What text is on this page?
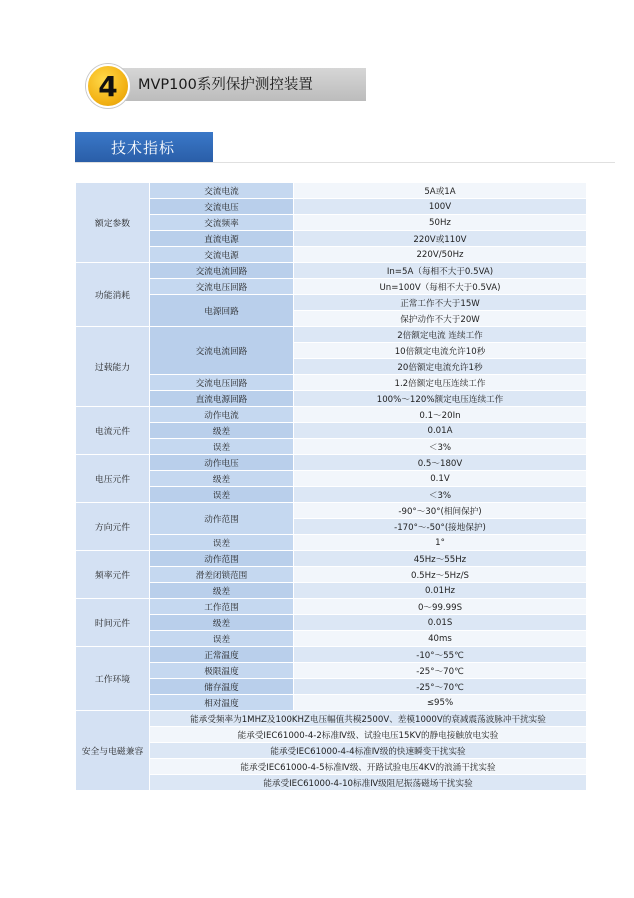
4	MVP100系列保护测控装置
技术指标
额定参数	交流电流	5A或1A
	交流电压	100V
	交流频率	50Hz
	直流电源	220V或110V
	交流电源	220V/50Hz
功能消耗	交流电流回路	In=5A（每相不大于0.5VA)
	交流电压回路	Un=100V（每相不大于0.5VA)
	电源回路	正常工作不大于15W
		保护动作不大于20W
过载能力	交流电流回路	2倍额定电流 连续工作
		10倍额定电流允许10秒
		20倍额定电流允许1秒
	交流电压回路	1.2倍额定电压连续工作
	直流电源回路	100%～120%额定电压连续工作
电流元件	动作电流	0.1～20In
	级差	0.01A
	误差	＜3%
电压元件	动作电压	0.5～180V
	级差	0.1V
	误差	＜3%
方向元件	动作范围	-90°～30°(相间保护)
		-170°～-50°(接地保护)
	误差	1°
频率元件	动作范围	45Hz～55Hz
	滑差闭锁范围	0.5Hz～5Hz/S
	级差	0.01Hz
时间元件	工作范围	0～99.99S
	级差	0.01S
	误差	40ms
工作环境	正常温度	-10°～55℃
	极限温度	-25°～70℃
	储存温度	-25°～70℃
	相对温度	≤95%
安全与电磁兼容	能承受频率为1MHZ及100KHZ电压幅值共模2500V、差模1000V的衰减震荡波脉冲干扰实验	
	能承受IEC61000-4-2标准Ⅳ级、试验电压15KV的静电接触放电实验	
	能承受IEC61000-4-4标准Ⅳ级的快速瞬变干扰实验	
	能承受IEC61000-4-5标准Ⅳ级、开路试验电压4KV的浪涌干扰实验	
	能承受IEC61000-4-10标准Ⅳ级阻尼振荡磁场干扰实验	
